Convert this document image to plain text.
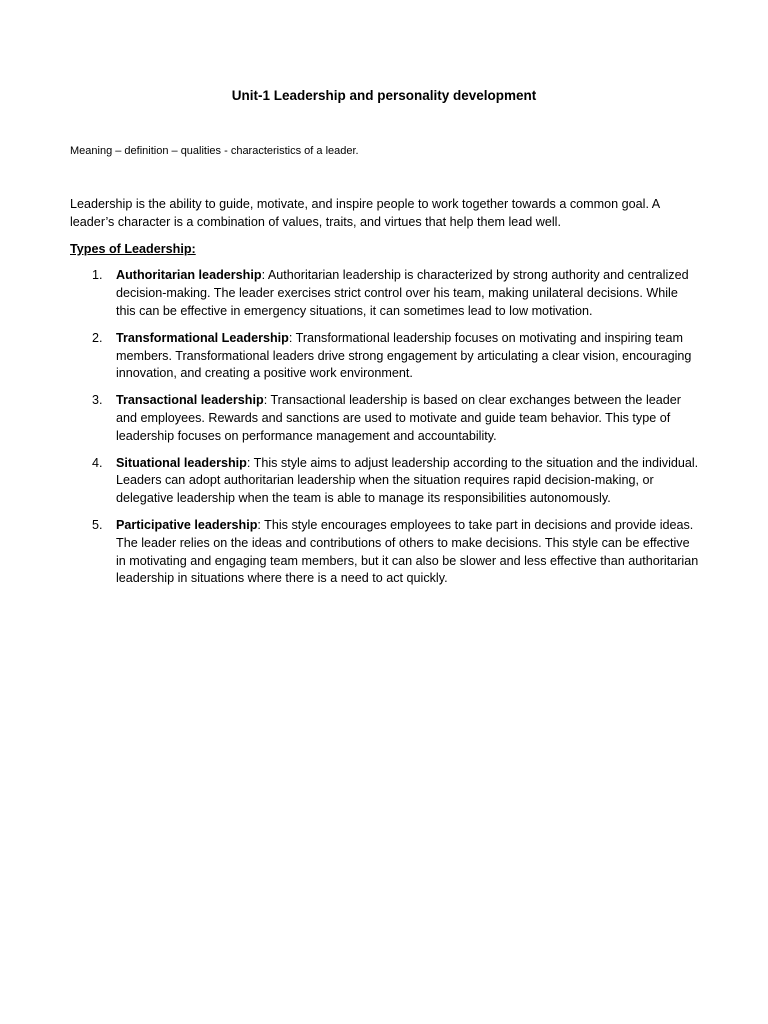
Unit-1 Leadership and personality development
Meaning – definition – qualities - characteristics of a leader.

Leadership is the ability to guide, motivate, and inspire people to work together towards a common goal. A leader’s character is a combination of values, traits, and virtues that help them lead well.

Types of Leadership:
1. Authoritarian leadership: Authoritarian leadership is characterized by strong authority and centralized decision-making. The leader exercises strict control over his team, making unilateral decisions. While this can be effective in emergency situations, it can sometimes lead to low motivation.
2. Transformational Leadership: Transformational leadership focuses on motivating and inspiring team members. Transformational leaders drive strong engagement by articulating a clear vision, encouraging innovation, and creating a positive work environment.
3. Transactional leadership: Transactional leadership is based on clear exchanges between the leader and employees. Rewards and sanctions are used to motivate and guide team behavior. This type of leadership focuses on performance management and accountability.
4. Situational leadership: This style aims to adjust leadership according to the situation and the individual. Leaders can adopt authoritarian leadership when the situation requires rapid decision-making, or delegative leadership when the team is able to manage its responsibilities autonomously.
5. Participative leadership: This style encourages employees to take part in decisions and provide ideas. The leader relies on the ideas and contributions of others to make decisions. This style can be effective in motivating and engaging team members, but it can also be slower and less effective than authoritarian leadership in situations where there is a need to act quickly.
